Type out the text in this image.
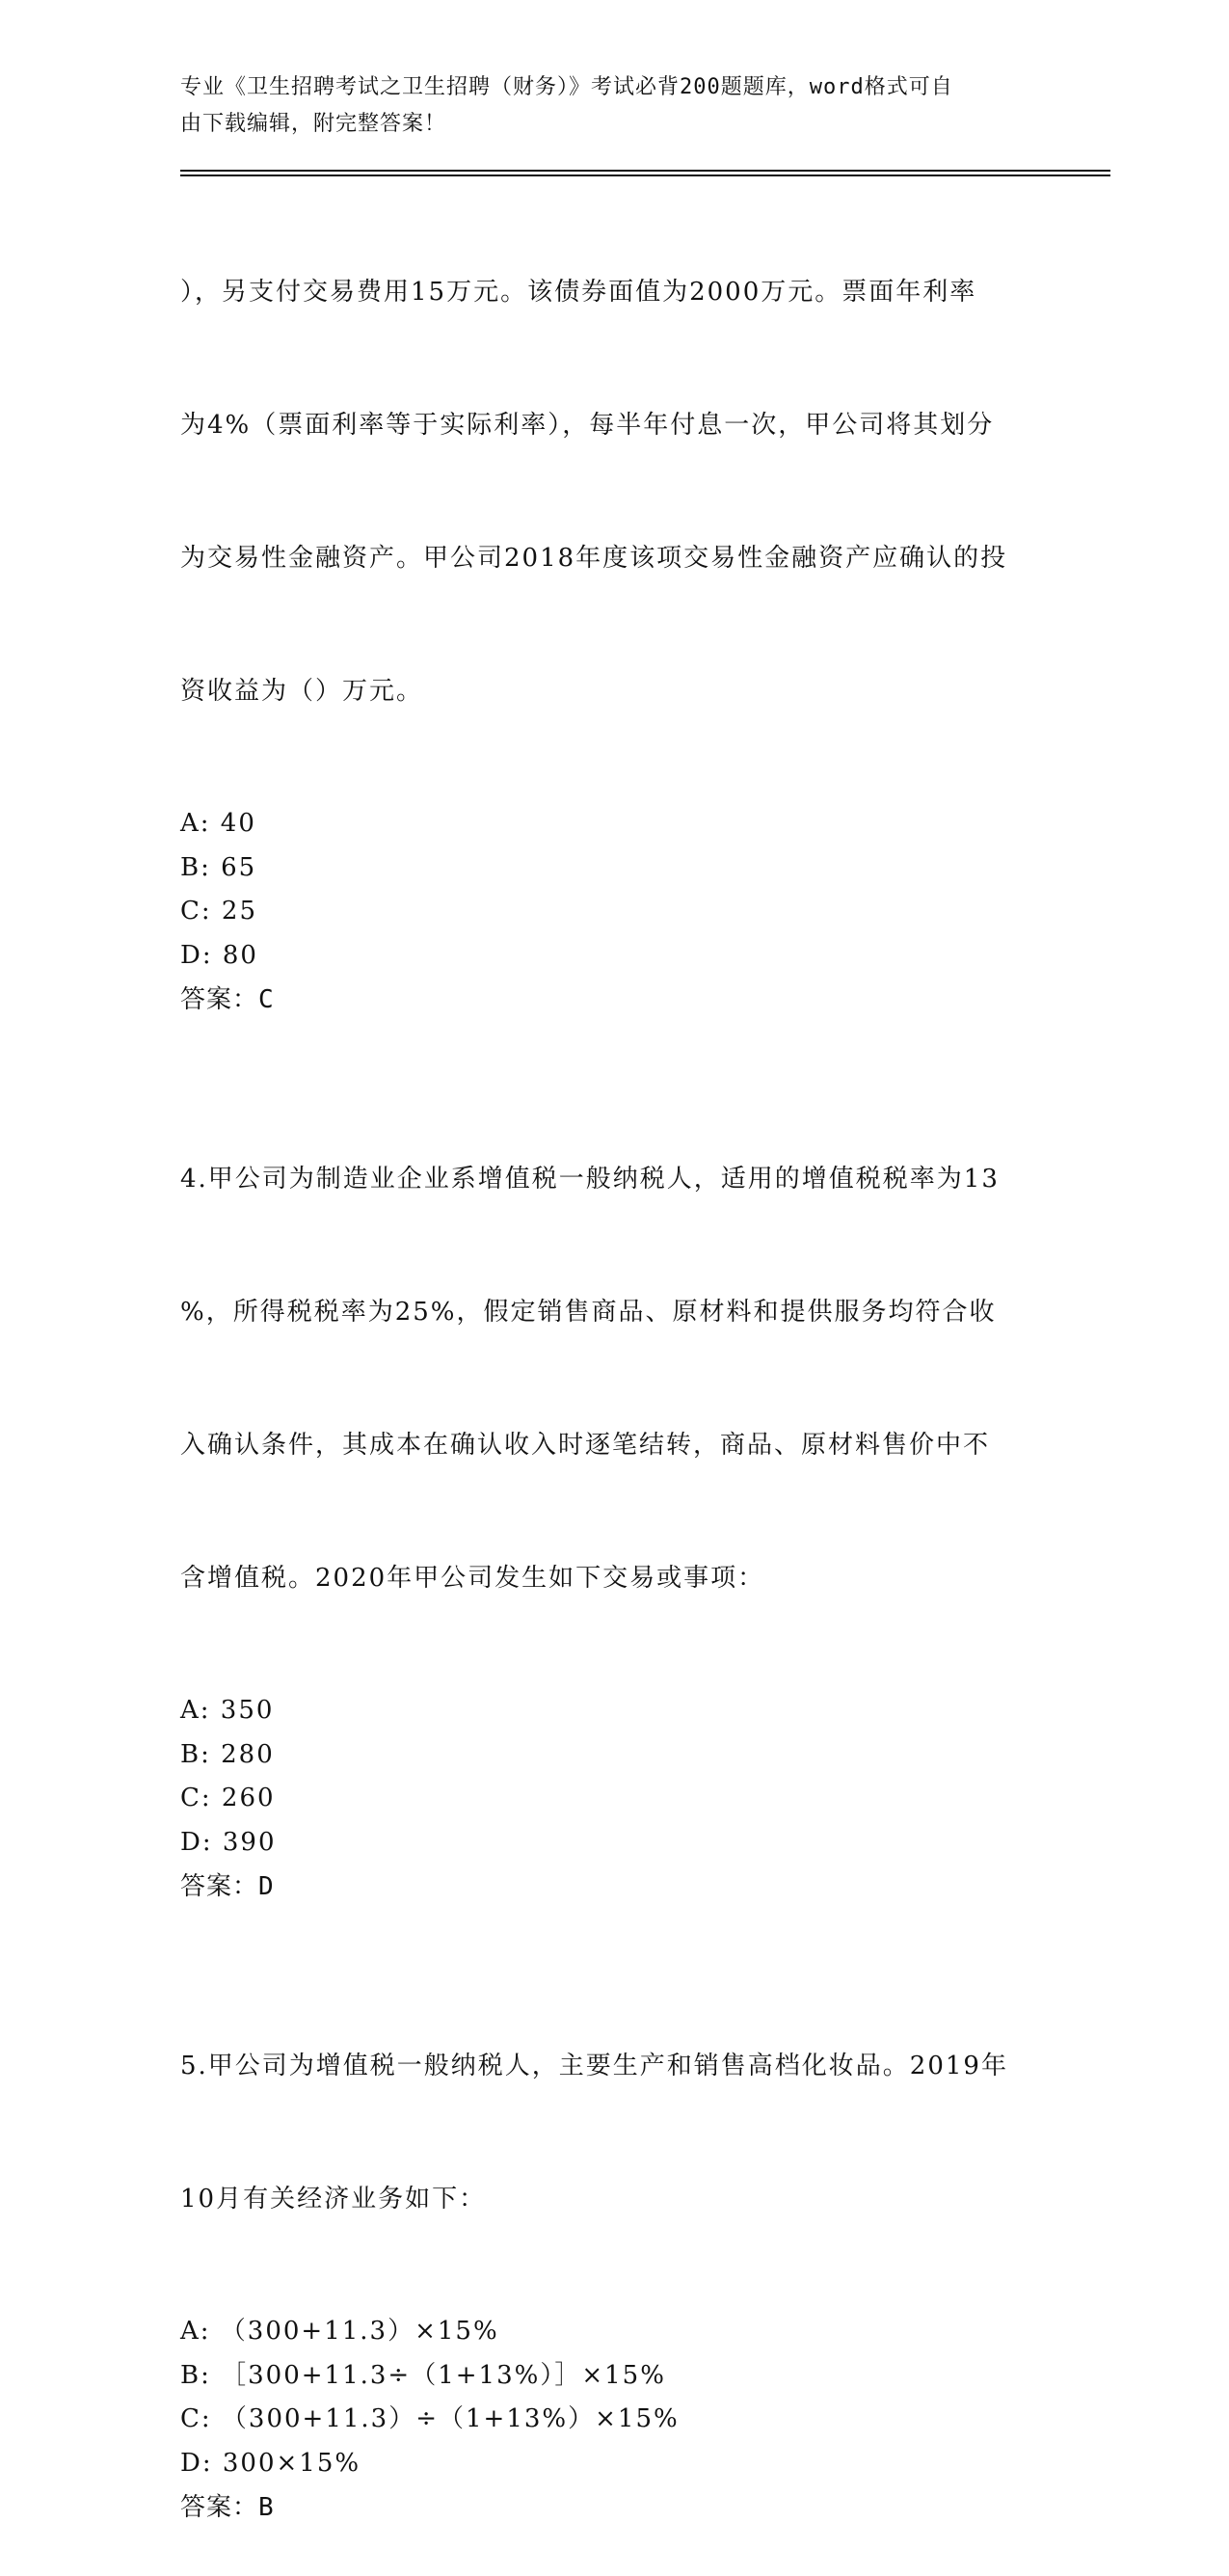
专业《卫生招聘考试之卫生招聘（财务）》考试必背200题题库，word格式可自
由下载编辑，附完整答案！

），另支付交易费用15万元。该债券面值为2000万元。票面年利率

为4%（票面利率等于实际利率），每半年付息一次，甲公司将其划分

为交易性金融资产。甲公司2018年度该项交易性金融资产应确认的投

资收益为（）万元。

A: 40
B: 65
C: 25
D: 80
答案：C

4.甲公司为制造业企业系增值税一般纳税人，适用的增值税税率为13

%，所得税税率为25%，假定销售商品、原材料和提供服务均符合收

入确认条件，其成本在确认收入时逐笔结转，商品、原材料售价中不

含增值税。2020年甲公司发生如下交易或事项：

A: 350
B: 280
C: 260
D: 390
答案：D

5.甲公司为增值税一般纳税人，主要生产和销售高档化妆品。2019年

10月有关经济业务如下：

A: （300+11.3）×15%
B: ［300+11.3÷（1+13%）］×15%
C: （300+11.3）÷（1+13%）×15%
D: 300×15%
答案：B
